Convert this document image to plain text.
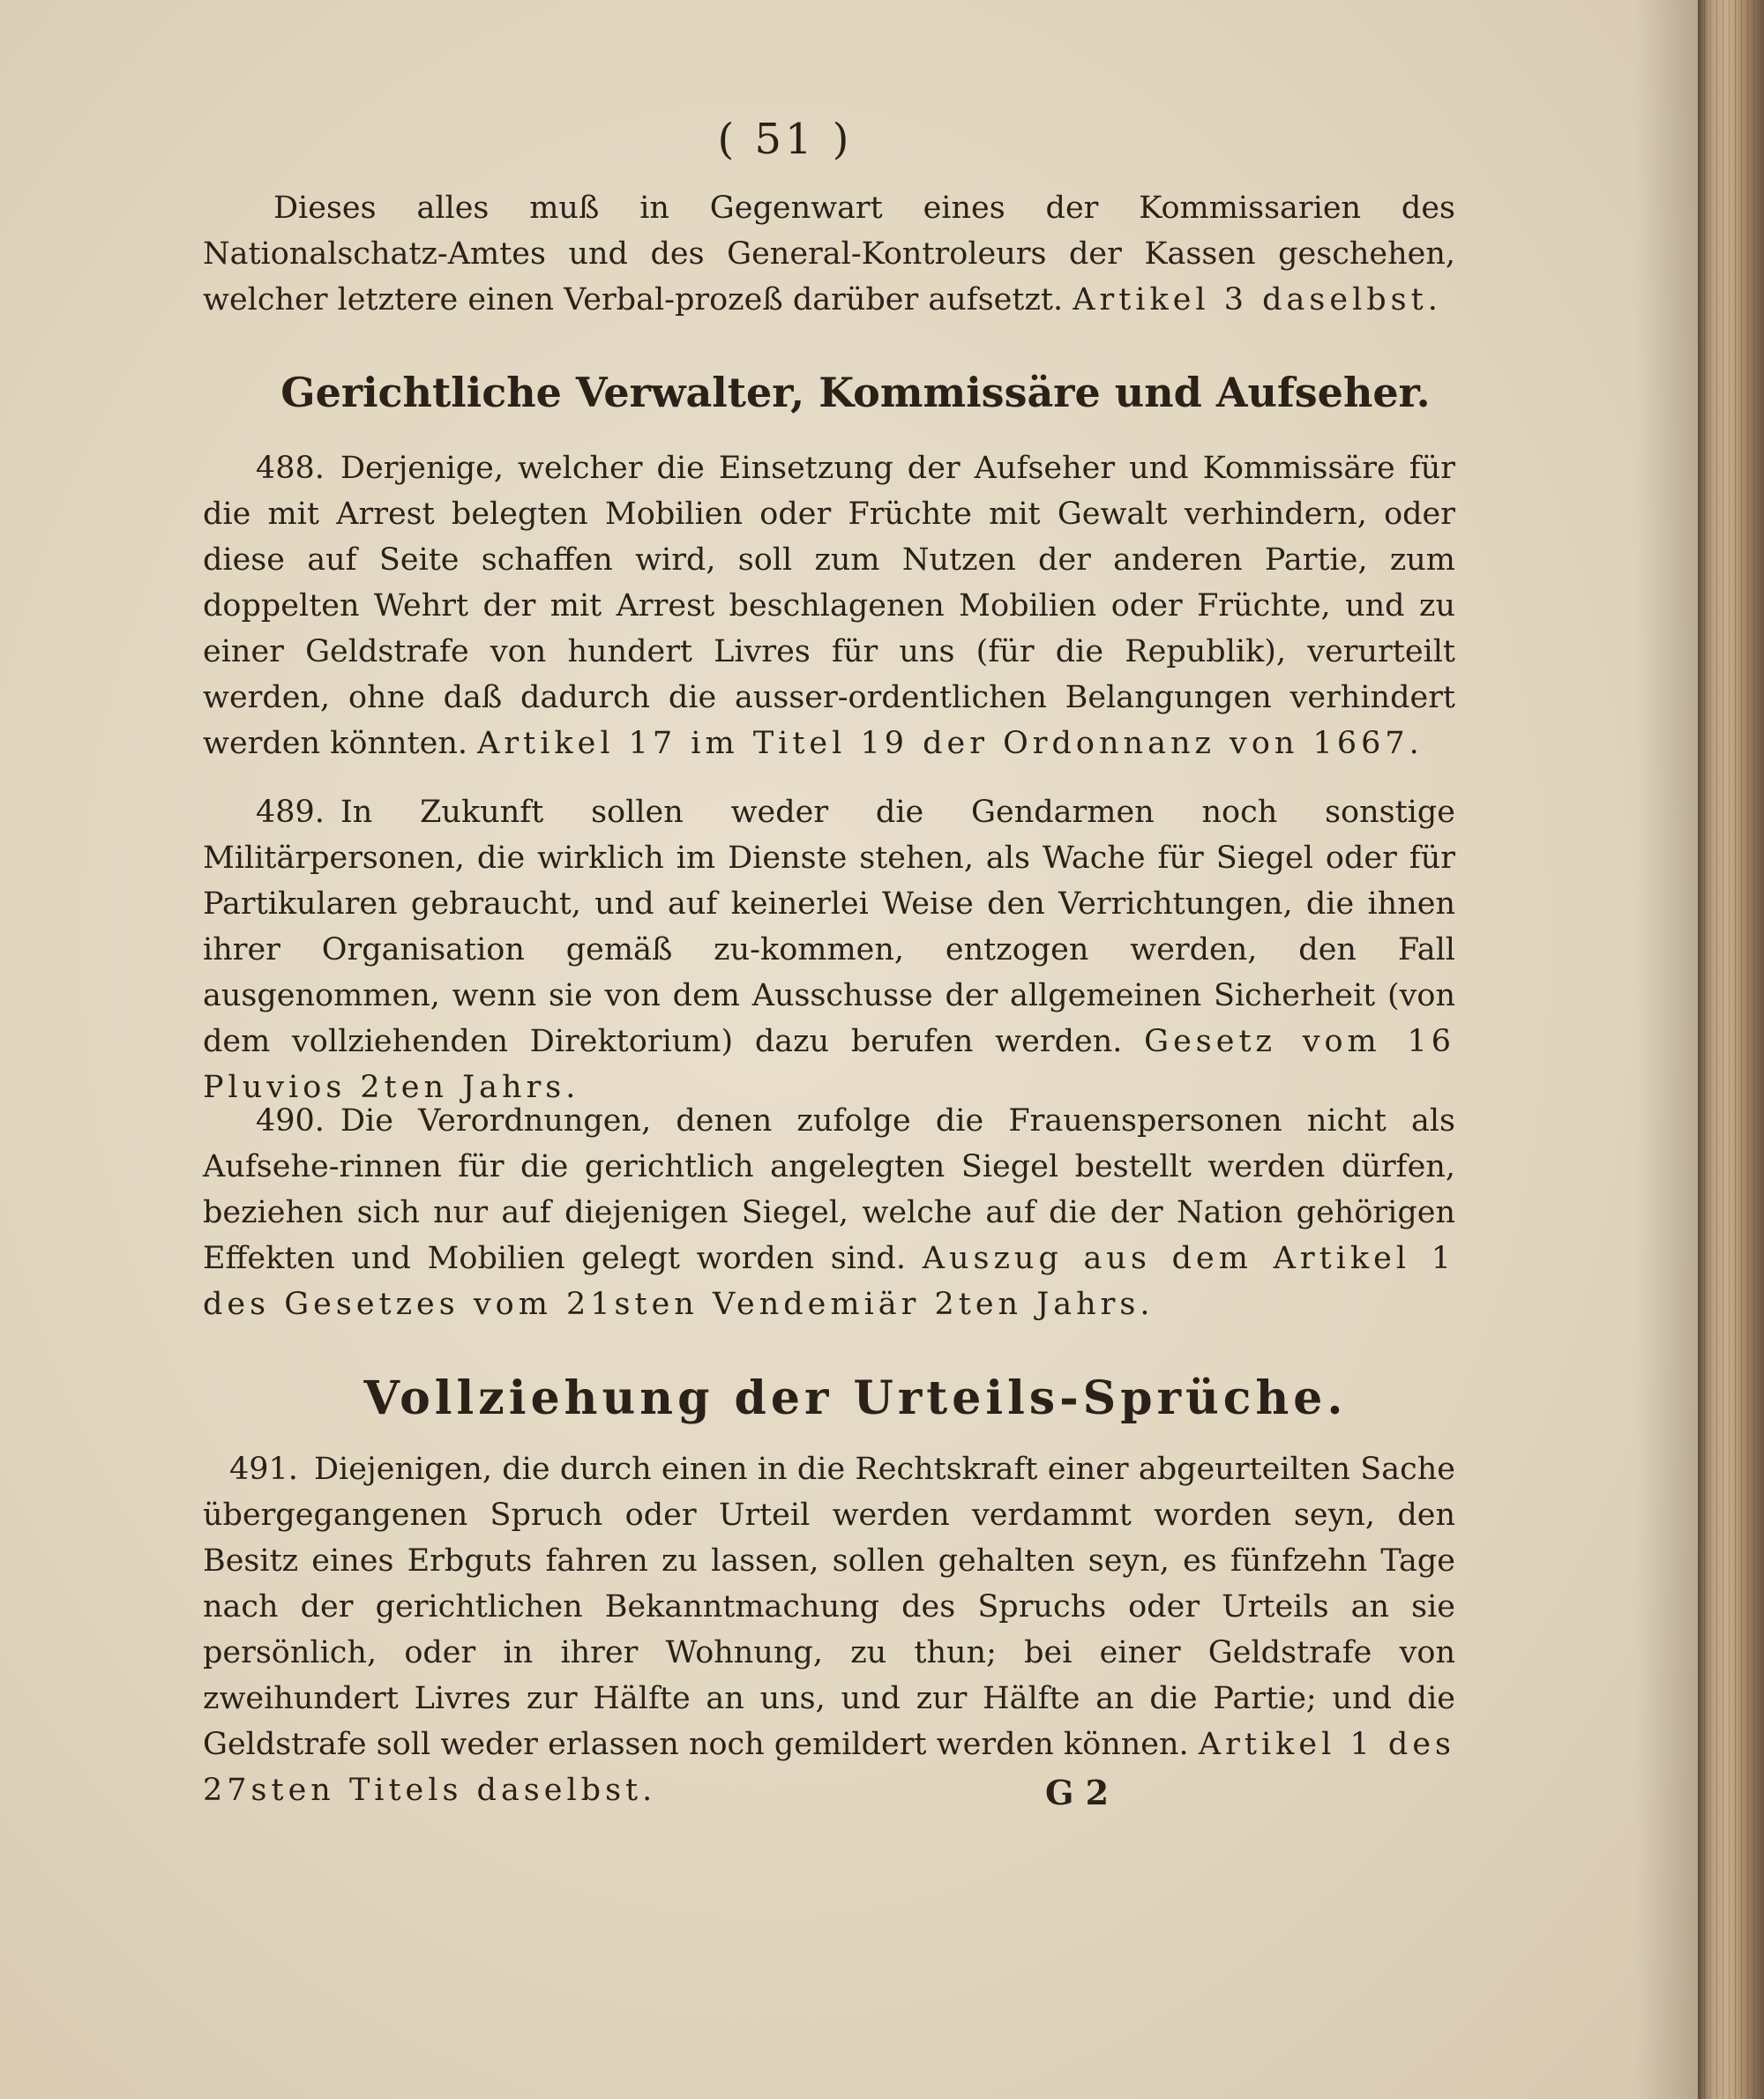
( 51 )
Dieses alles muß in Gegenwart eines der Kommissarien des Nationalschatz-Amtes und des General-Kontroleurs der Kassen geschehen, welcher letztere einen Verbal-prozeß darüber aufsetzt. Artikel 3 daselbst.
Gerichtliche Verwalter, Kommissäre und Aufseher.
488. Derjenige, welcher die Einsetzung der Aufseher und Kommissäre für die mit Arrest belegten Mobilien oder Früchte mit Gewalt verhindern, oder diese auf Seite schaffen wird, soll zum Nutzen der anderen Partie, zum doppelten Wehrt der mit Arrest beschlagenen Mobilien oder Früchte, und zu einer Geldstrafe von hundert Livres für uns (für die Republik), verurteilt werden, ohne daß dadurch die ausser-ordentlichen Belangungen verhindert werden könnten. Artikel 17 im Titel 19 der Ordonnanz von 1667.
489. In Zukunft sollen weder die Gendarmen noch sonstige Militärpersonen, die wirklich im Dienste stehen, als Wache für Siegel oder für Partikularen gebraucht, und auf keinerlei Weise den Verrichtungen, die ihnen ihrer Organisation gemäß zu-kommen, entzogen werden, den Fall ausgenommen, wenn sie von dem Ausschusse der allgemeinen Sicherheit (von dem vollziehenden Direktorium) dazu berufen werden. Gesetz vom 16 Pluvios 2ten Jahrs.
490. Die Verordnungen, denen zufolge die Frauenspersonen nicht als Aufsehe-rinnen für die gerichtlich angelegten Siegel bestellt werden dürfen, beziehen sich nur auf diejenigen Siegel, welche auf die der Nation gehörigen Effekten und Mobilien gelegt worden sind. Auszug aus dem Artikel 1 des Gesetzes vom 21sten Vendemiär 2ten Jahrs.
Vollziehung der Urteils-Sprüche.
491. Diejenigen, die durch einen in die Rechtskraft einer abgeurteilten Sache übergegangenen Spruch oder Urteil werden verdammt worden seyn, den Besitz eines Erbguts fahren zu lassen, sollen gehalten seyn, es fünfzehn Tage nach der gerichtlichen Bekanntmachung des Spruchs oder Urteils an sie persönlich, oder in ihrer Wohnung, zu thun; bei einer Geldstrafe von zweihundert Livres zur Hälfte an uns, und zur Hälfte an die Partie; und die Geldstrafe soll weder erlassen noch gemildert werden können. Artikel 1 des 27sten Titels daselbst.	G 2
